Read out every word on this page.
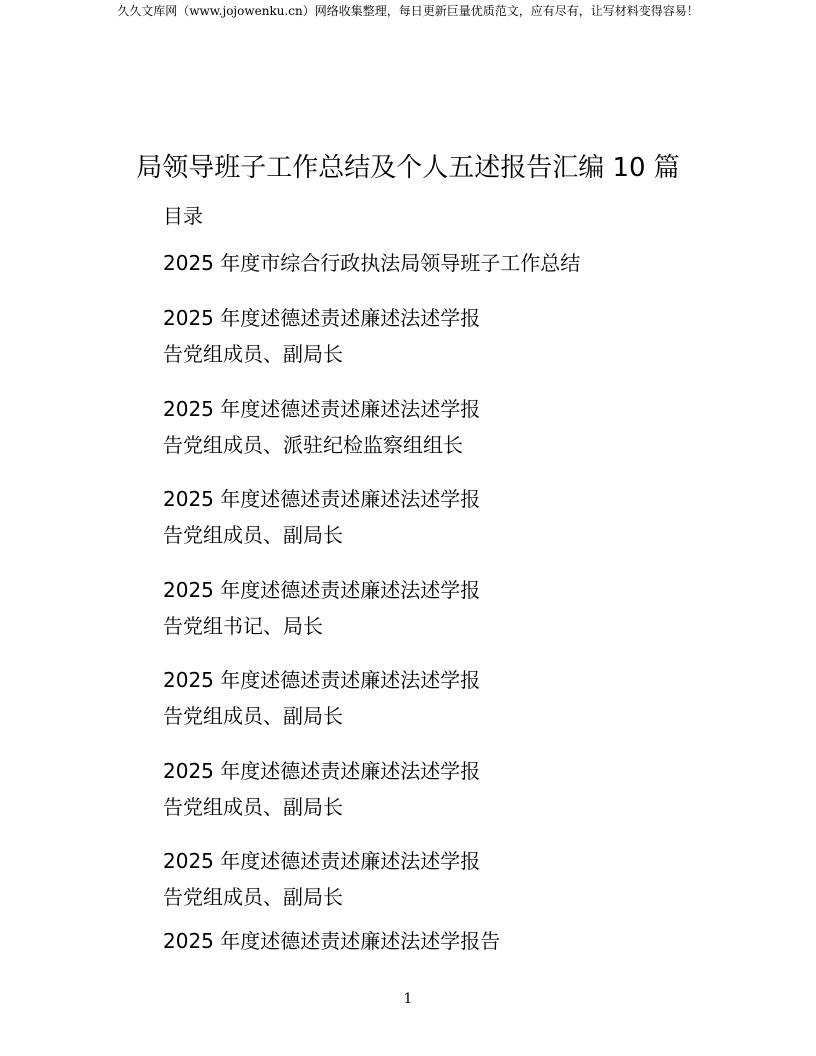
久久文库网（www.jojowenku.cn）网络收集整理，每日更新巨量优质范文，应有尽有，让写材料变得容易！
局领导班子工作总结及个人五述报告汇编 10 篇
目录
2025 年度市综合行政执法局领导班子工作总结
2025 年度述德述责述廉述法述学报
告党组成员、副局长
2025 年度述德述责述廉述法述学报
告党组成员、派驻纪检监察组组长
2025 年度述德述责述廉述法述学报
告党组成员、副局长
2025 年度述德述责述廉述法述学报
告党组书记、局长
2025 年度述德述责述廉述法述学报
告党组成员、副局长
2025 年度述德述责述廉述法述学报
告党组成员、副局长
2025 年度述德述责述廉述法述学报
告党组成员、副局长
2025 年度述德述责述廉述法述学报告
1
